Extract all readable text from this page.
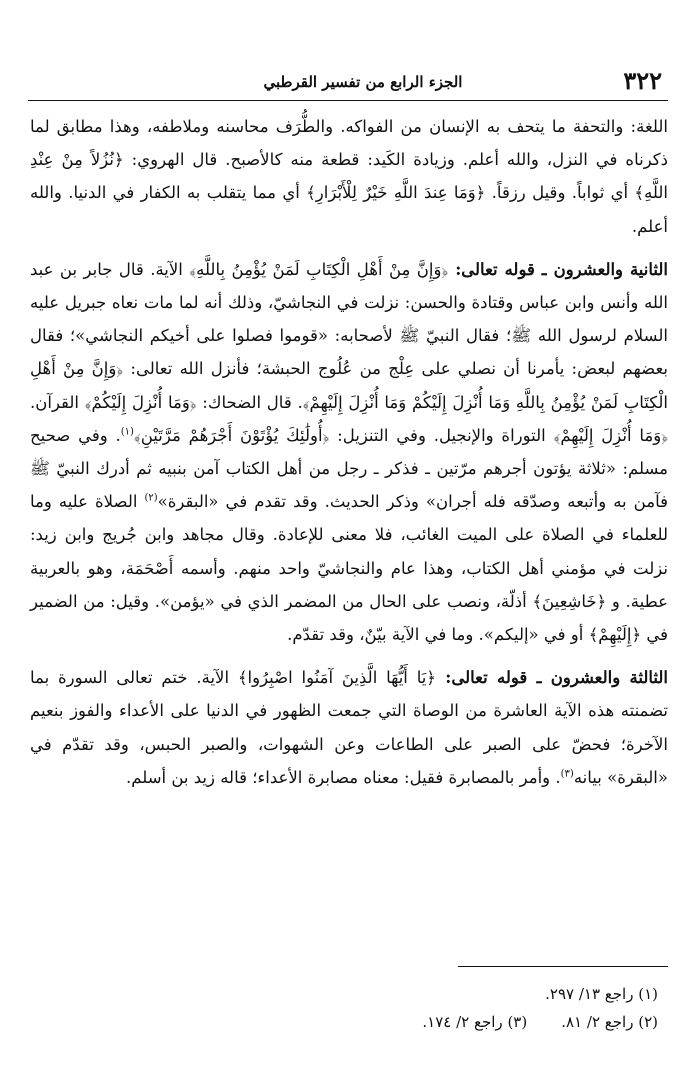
٣٢٢
الجزء الرابع من تفسير القرطبي

اللغة: والتحفة ما يتحف به الإنسان من الفواكه. والطُّرَف محاسنه وملاطفه، وهذا مطابق لما ذكرناه في النزل، والله أعلم. وزيادة الكَيد: قطعة منه كالأصبح. قال الهروي: ﴿نُزُلاً مِنْ عِنْدِ اللَّهِ﴾ أي ثواباً. وقيل رزقاً. ﴿وَمَا عِندَ اللَّهِ خَيْرٌ لِلْأَبْرَارِ﴾ أي مما يتقلب به الكفار في الدنيا. والله أعلم.

الثانية والعشرون ـ قوله تعالى: ﴿وَإِنَّ مِنْ أَهْلِ الْكِتَابِ لَمَنْ يُؤْمِنُ بِاللَّهِ﴾ الآية. قال جابر بن عبد الله وأنس وابن عباس وقتادة والحسن: نزلت في النجاشيّ، وذلك أنه لما مات نعاه جبريل عليه السلام لرسول الله ﷺ؛ فقال النبيّ ﷺ لأصحابه: «قوموا فصلوا على أخيكم النجاشي»؛ فقال بعضهم لبعض: يأمرنا أن نصلي على عِلْج من عُلُوج الحبشة؛ فأنزل الله تعالى: ﴿وَإِنَّ مِنْ أَهْلِ الْكِتَابِ لَمَنْ يُؤْمِنُ بِاللَّهِ وَمَا أُنْزِلَ إِلَيْكُمْ وَمَا أُنْزِلَ إِلَيْهِمْ﴾. قال الضحاك: ﴿وَمَا أُنْزِلَ إِلَيْكُمْ﴾ القرآن. ﴿وَمَا أُنْزِلَ إِلَيْهِمْ﴾ التوراة والإنجيل. وفي التنزيل: ﴿أُولَٰئِكَ يُؤْتَوْنَ أَجْرَهُمْ مَرَّتَيْنِ﴾$^{(١)}$. وفي صحيح مسلم: «ثلاثة يؤتون أجرهم مرّتين ـ فذكر ـ رجل من أهل الكتاب آمن بنبيه ثم أدرك النبيّ ﷺ فآمن به وأتبعه وصدّقه فله أجران» وذكر الحديث. وقد تقدم في «البقرة»$^{(٢)}$ الصلاة عليه وما للعلماء في الصلاة على الميت الغائب، فلا معنى للإعادة. وقال مجاهد وابن جُريج وابن زيد: نزلت في مؤمني أهل الكتاب، وهذا عام والنجاشيّ واحد منهم. وأسمه أَصْحَمَة، وهو بالعربية عطية. و ﴿خَاشِعِينَ﴾ أذلّة، ونصب على الحال من المضمر الذي في «يؤمن». وقيل: من الضمير في ﴿إِلَيْهِمْ﴾ أو في «إليكم». وما في الآية بيّنٌ، وقد تقدّم.

الثالثة والعشرون ـ قوله تعالى: ﴿يَا أَيُّهَا الَّذِينَ آمَنُوا اصْبِرُوا﴾ الآية. ختم تعالى السورة بما تضمنته هذه الآية العاشرة من الوصاة التي جمعت الظهور في الدنيا على الأعداء والفوز بنعيم الآخرة؛ فحضّ على الصبر على الطاعات وعن الشهوات، والصبر الحبس، وقد تقدّم في «البقرة» بيانه$^{(٣)}$. وأمر بالمصابرة فقيل: معناه مصابرة الأعداء؛ قاله زيد بن أسلم.

(١) راجع ١٣/ ٢٩٧.
(٢) راجع ٢/ ٨١.(٣) راجع ٢/ ١٧٤.
